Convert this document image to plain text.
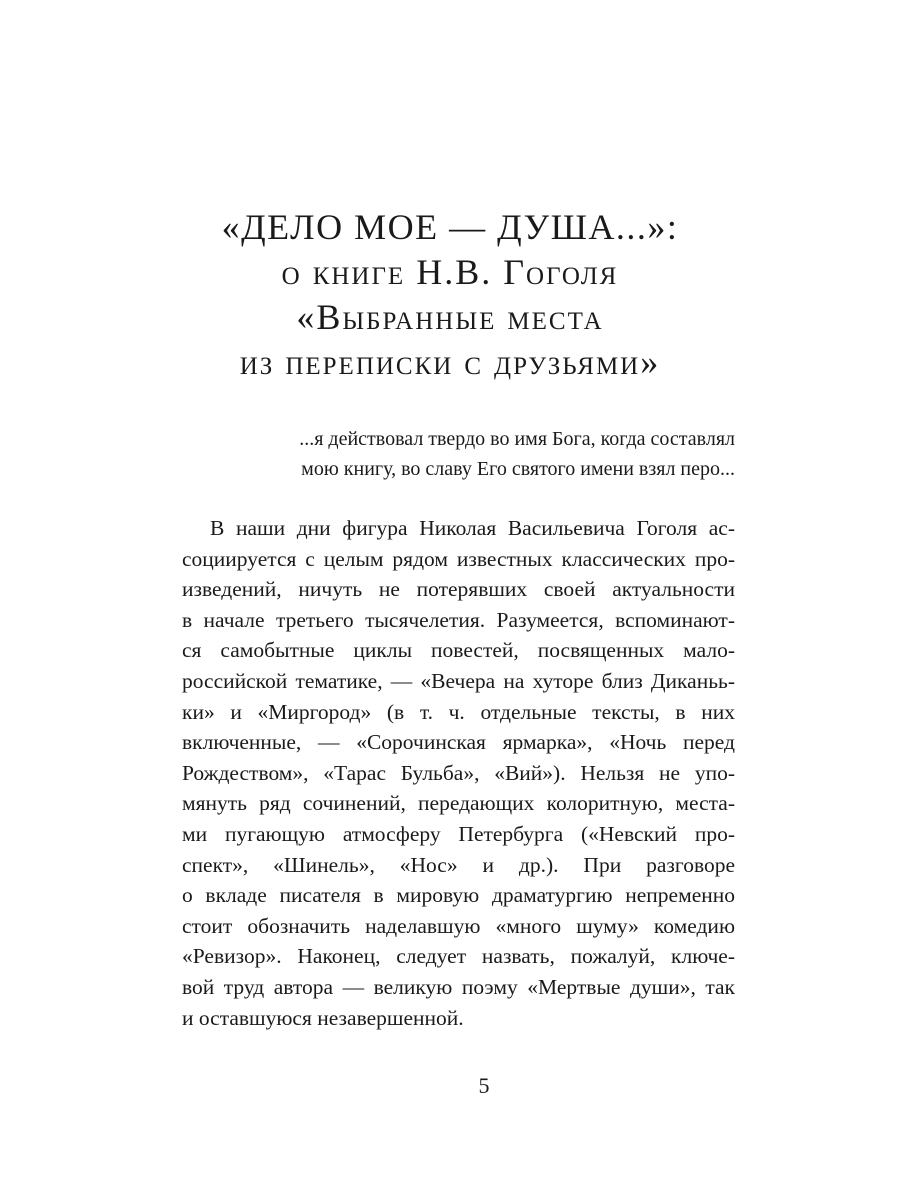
«ДЕЛО МОЕ — ДУША...»:
о книге Н.В. Гоголя
«Выбранные места
из переписки с друзьями»
...я действовал твердо во имя Бога, когда составлял
мою книгу, во славу Его святого имени взял перо...
В наши дни фигура Николая Васильевича Гоголя ас-
социируется с целым рядом известных классических про-
изведений, ничуть не потерявших своей актуальности
в начале третьего тысячелетия. Разумеется, вспоминают-
ся самобытные циклы повестей, посвященных мало-
российской тематике, — «Вечера на хуторе близ Диканьь-
ки» и «Миргород» (в т. ч. отдельные тексты, в них
включенные, — «Сорочинская ярмарка», «Ночь перед
Рождеством», «Тарас Бульба», «Вий»). Нельзя не упо-
мянуть ряд сочинений, передающих колоритную, места-
ми пугающую атмосферу Петербурга («Невский про-
спект», «Шинель», «Нос» и др.). При разговоре
о вкладе писателя в мировую драматургию непременно
стоит обозначить наделавшую «много шуму» комедию
«Ревизор». Наконец, следует назвать, пожалуй, ключе-
вой труд автора — великую поэму «Мертвые души», так
и оставшуюся незавершенной.
5
